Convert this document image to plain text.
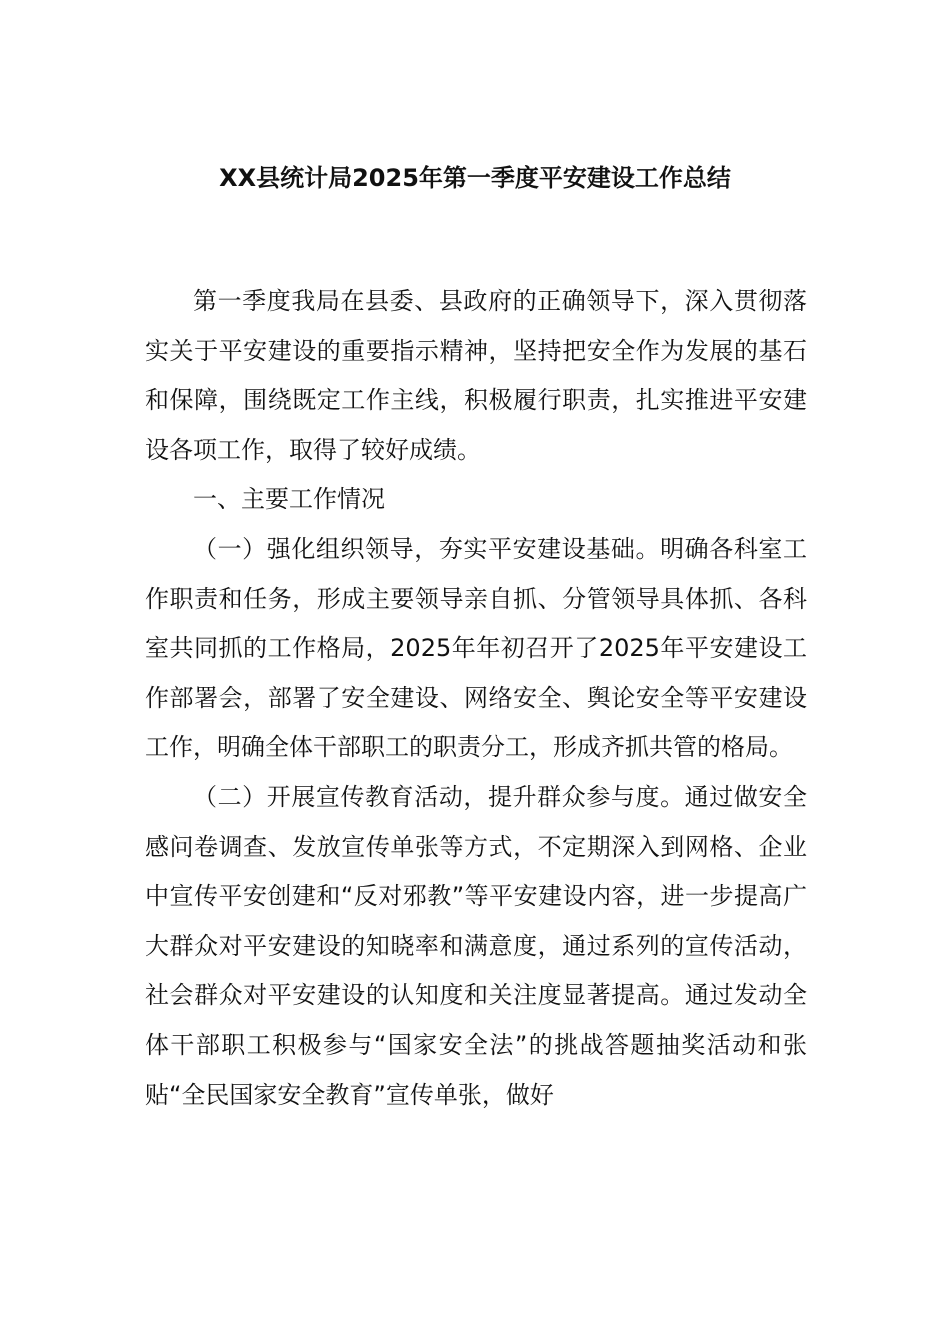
XX县统计局2025年第一季度平安建设工作总结

第一季度我局在县委、县政府的正确领导下，深入贯彻落实关于平安建设的重要指示精神，坚持把安全作为发展的基石和保障，围绕既定工作主线，积极履行职责，扎实推进平安建设各项工作，取得了较好成绩。

一、主要工作情况

（一）强化组织领导，夯实平安建设基础。明确各科室工作职责和任务，形成主要领导亲自抓、分管领导具体抓、各科室共同抓的工作格局，2025年年初召开了2025年平安建设工作部署会，部署了安全建设、网络安全、舆论安全等平安建设工作，明确全体干部职工的职责分工，形成齐抓共管的格局。

（二）开展宣传教育活动，提升群众参与度。通过做安全感问卷调查、发放宣传单张等方式，不定期深入到网格、企业中宣传平安创建和“反对邪教”等平安建设内容，进一步提高广大群众对平安建设的知晓率和满意度，通过系列的宣传活动，社会群众对平安建设的认知度和关注度显著提高。通过发动全体干部职工积极参与“国家安全法”的挑战答题抽奖活动和张贴“全民国家安全教育”宣传单张，做好
